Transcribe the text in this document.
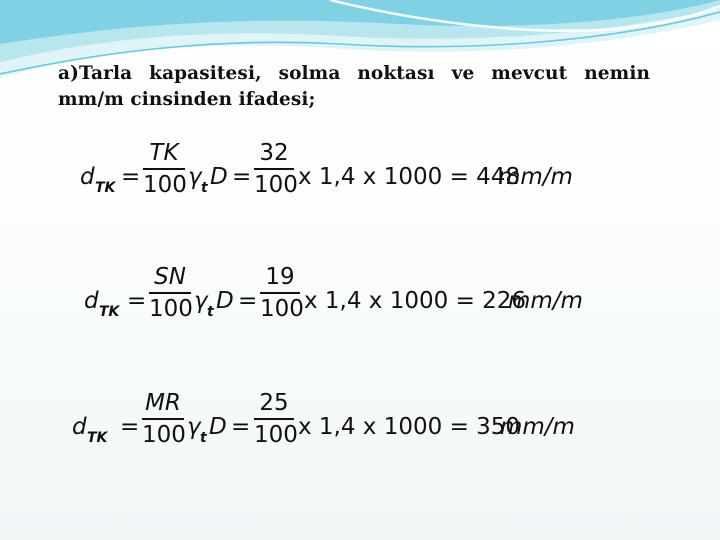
a)Tarla kapasitesi, solma noktası ve mevcut nemin mm/m cinsinden ifadesi;

d TK =
TK
100 γ t D =
32
100 x 1,4 x 1000 = 448
mm/m
d TK =
SN
100 γ t D =
19
100 x 1,4 x 1000 = 226
mm/m
d TK =
MR
100 γ t D =
25
100 x 1,4 x 1000 = 350
mm/m
